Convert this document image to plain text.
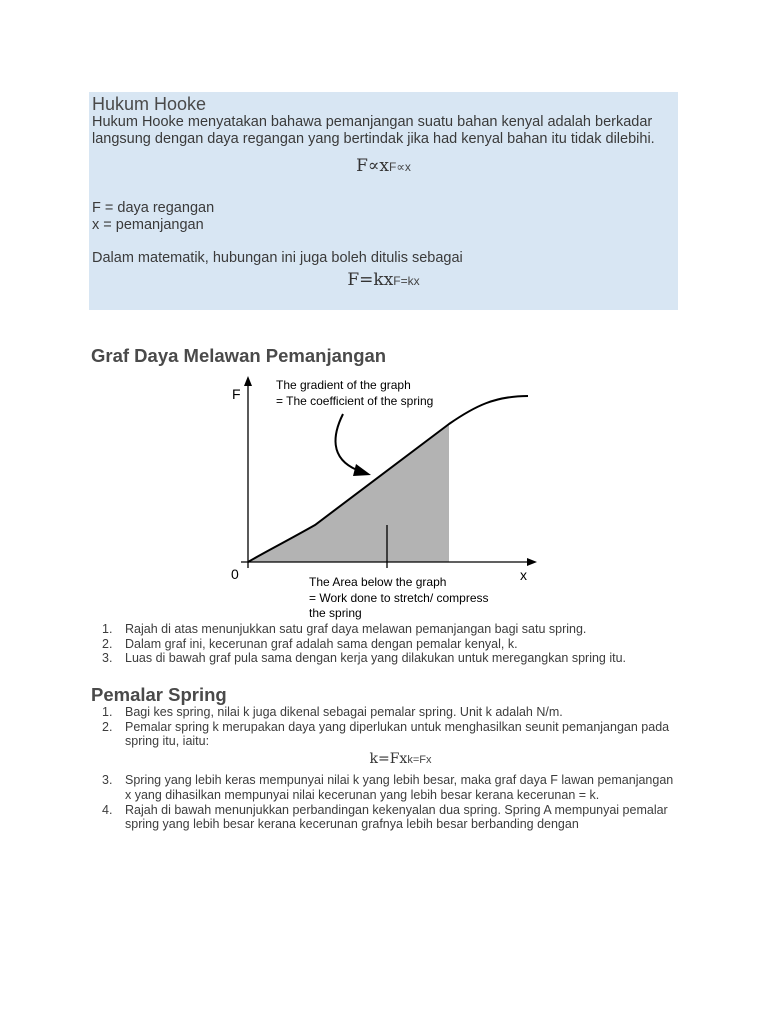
Hukum Hooke

Hukum Hooke menyatakan bahawa pemanjangan suatu bahan kenyal adalah berkadar langsung dengan daya regangan yang bertindak jika had kenyal bahan itu tidak dilebihi.

F∝xF∝x

F = daya regangan

x = pemanjangan

Dalam matematik, hubungan ini juga boleh ditulis sebagai

F=kxF=kx

Graf Daya Melawan Pemanjangan
F
x
0
The gradient of the graph
= The coefficient of the spring
The Area below the graph
= Work done to stretch/ compress
the spring
1. Rajah di atas menunjukkan satu graf daya melawan pemanjangan bagi satu spring.
2. Dalam graf ini, kecerunan graf adalah sama dengan pemalar kenyal, k.
3. Luas di bawah graf pula sama dengan kerja yang dilakukan untuk meregangkan spring itu.
Pemalar Spring
1. Bagi kes spring, nilai k juga dikenal sebagai pemalar spring. Unit k adalah N/m.
2. Pemalar spring k merupakan daya yang diperlukan untuk menghasilkan seunit pemanjangan pada spring itu, iaitu:
k=Fxk=Fx
3. Spring yang lebih keras mempunyai nilai k yang lebih besar, maka graf daya F lawan pemanjangan x yang dihasilkan mempunyai nilai kecerunan yang lebih besar kerana kecerunan = k.
4. Rajah di bawah menunjukkan perbandingan kekenyalan dua spring. Spring A mempunyai pemalar spring yang lebih besar kerana kecerunan grafnya lebih besar berbanding dengan
